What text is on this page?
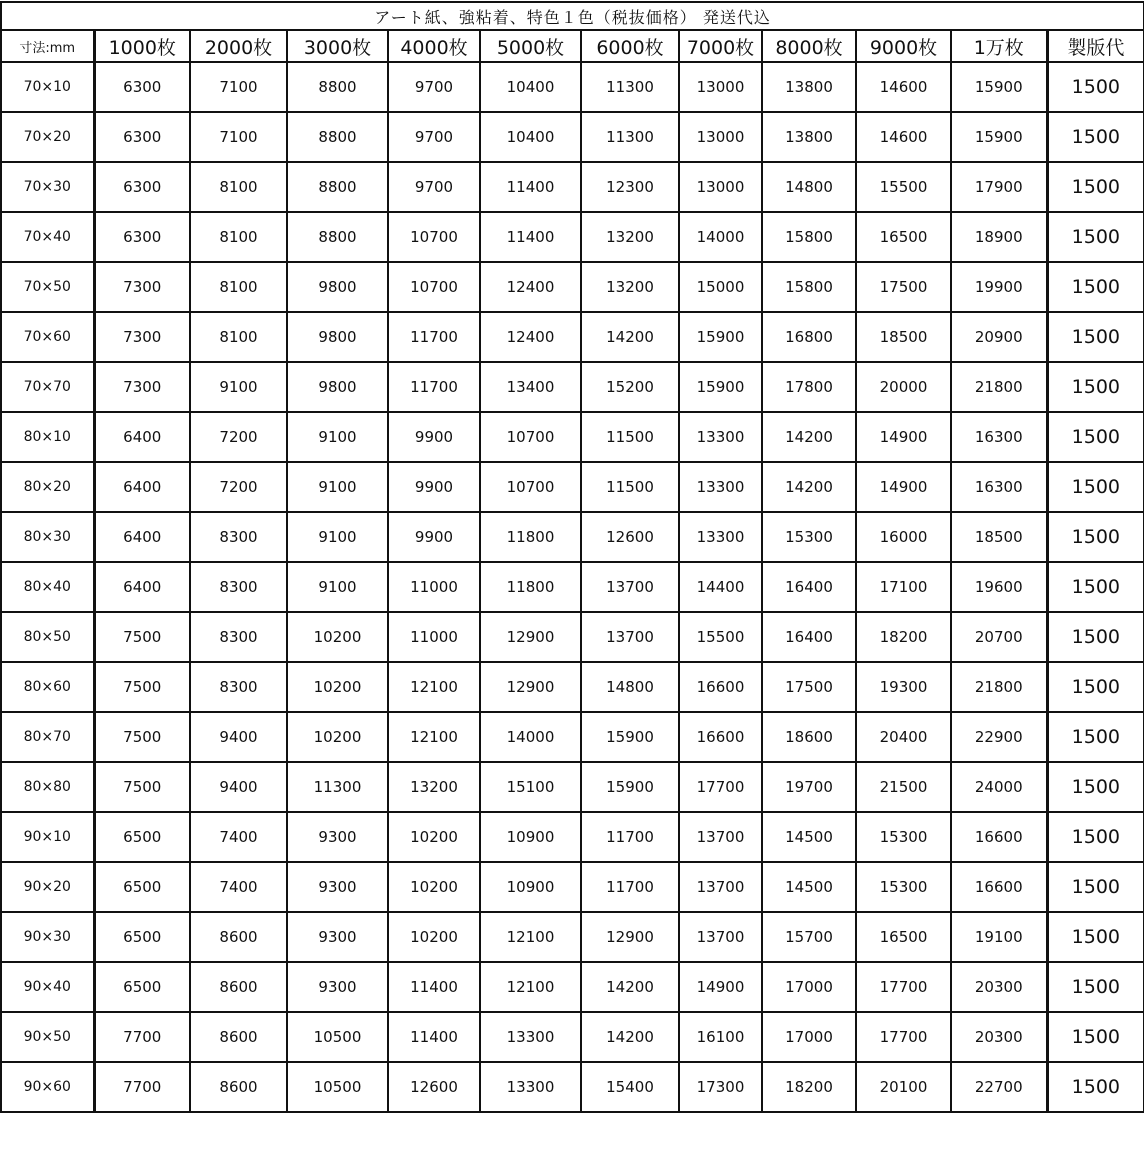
アート紙、強粘着、特色１色（税抜価格） 発送代込											
寸法:mm	1000枚	2000枚	3000枚	4000枚	5000枚	6000枚	7000枚	8000枚	9000枚	1万枚	製版代
70×10	6300	7100	8800	9700	10400	11300	13000	13800	14600	15900	1500
70×20	6300	7100	8800	9700	10400	11300	13000	13800	14600	15900	1500
70×30	6300	8100	8800	9700	11400	12300	13000	14800	15500	17900	1500
70×40	6300	8100	8800	10700	11400	13200	14000	15800	16500	18900	1500
70×50	7300	8100	9800	10700	12400	13200	15000	15800	17500	19900	1500
70×60	7300	8100	9800	11700	12400	14200	15900	16800	18500	20900	1500
70×70	7300	9100	9800	11700	13400	15200	15900	17800	20000	21800	1500
80×10	6400	7200	9100	9900	10700	11500	13300	14200	14900	16300	1500
80×20	6400	7200	9100	9900	10700	11500	13300	14200	14900	16300	1500
80×30	6400	8300	9100	9900	11800	12600	13300	15300	16000	18500	1500
80×40	6400	8300	9100	11000	11800	13700	14400	16400	17100	19600	1500
80×50	7500	8300	10200	11000	12900	13700	15500	16400	18200	20700	1500
80×60	7500	8300	10200	12100	12900	14800	16600	17500	19300	21800	1500
80×70	7500	9400	10200	12100	14000	15900	16600	18600	20400	22900	1500
80×80	7500	9400	11300	13200	15100	15900	17700	19700	21500	24000	1500
90×10	6500	7400	9300	10200	10900	11700	13700	14500	15300	16600	1500
90×20	6500	7400	9300	10200	10900	11700	13700	14500	15300	16600	1500
90×30	6500	8600	9300	10200	12100	12900	13700	15700	16500	19100	1500
90×40	6500	8600	9300	11400	12100	14200	14900	17000	17700	20300	1500
90×50	7700	8600	10500	11400	13300	14200	16100	17000	17700	20300	1500
90×60	7700	8600	10500	12600	13300	15400	17300	18200	20100	22700	1500
